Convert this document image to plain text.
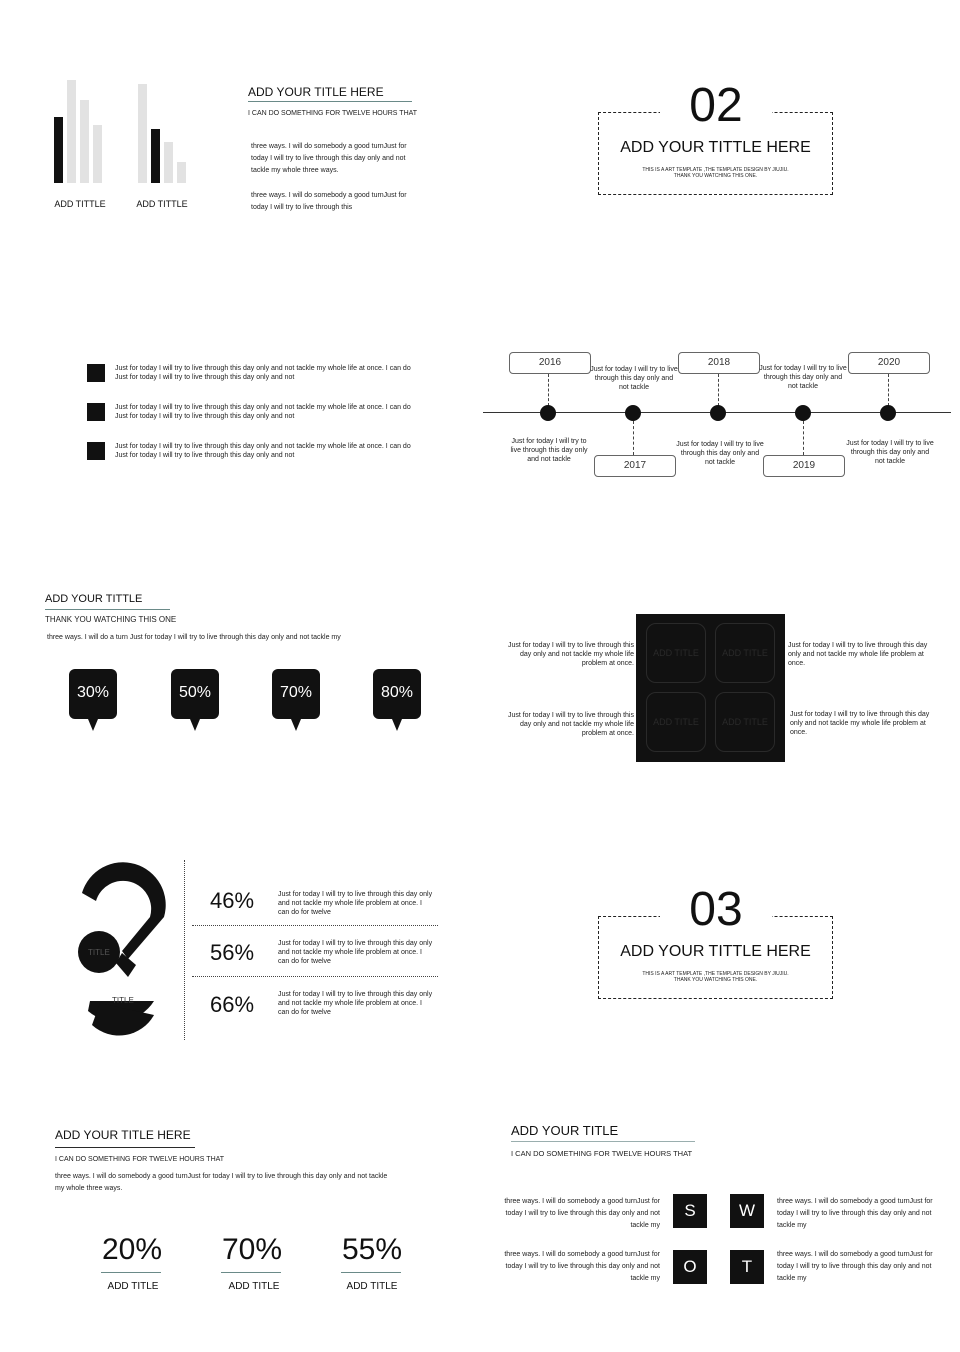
ADD TITTLE	ADD TITTLE
ADD YOUR TITLE HERE
I CAN DO SOMETHING FOR TWELVE HOURS THAT
three ways. I will do somebody a good turnJust for today I will try to live through this day only and not tackle my whole three ways.
three ways. I will do somebody a good turnJust for today I will try to live through this
02
ADD YOUR TITTLE HERE
THIS IS A ART TEMPLATE ,THE TEMPLATE DESIGN BY JIUJIU. THANK YOU WATCHING THIS ONE.
Just for today I will try to live through this day only and not tackle my whole life at once. I can do Just for today I will try to live through this day only and not
Just for today I will try to live through this day only and not tackle my whole life at once. I can do Just for today I will try to live through this day only and not
Just for today I will try to live through this day only and not tackle my whole life at once. I can do Just for today I will try to live through this day only and not
2016
Just for today I will try to live through this day only and not tackle
2017
Just for today I will try to live through this day only and not tackle
2018
Just for today I will try to live through this day only and not tackle	2019
Just for today I will try to live through this day only and not tackle
2020
Just for today I will try to live through this day only and not tackle
ADD YOUR TITTLE
THANK YOU WATCHING THIS ONE
three ways. I will do a turn Just for today I will try to live through this day only and not tackle my
30%	50%	70%	80%
ADD TITLE	ADD TITLE
ADD TITLE	ADD TITLE
Just for today I will try to live through this day only and not tackle my whole life problem at once.
Just for today I will try to live through this day only and not tackle my whole life problem at once.
Just for today I will try to live through this day only and not tackle my whole life problem at once.
Just for today I will try to live through this day only and not tackle my whole life problem at once.
TITLE
TITLE
TITLE
46%	Just for today I will try to live through this day only and not tackle my whole life problem at once. I can do for twelve
56%	Just for today I will try to live through this day only and not tackle my whole life problem at once. I can do for twelve
66%	Just for today I will try to live through this day only and not tackle my whole life problem at once. I can do for twelve
03
ADD YOUR TITTLE HERE
THIS IS A ART TEMPLATE ,THE TEMPLATE DESIGN BY JIUJIU. THANK YOU WATCHING THIS ONE.
ADD YOUR TITLE HERE
I CAN DO SOMETHING FOR TWELVE HOURS THAT
three ways. I will do somebody a good turnJust for today I will try to live through this day only and not tackle my whole three ways.
20%
ADD TITLE
70%
ADD TITLE
55%
ADD TITLE
ADD YOUR TITLE
I CAN DO SOMETHING FOR TWELVE HOURS THAT
S	W
O	T
three ways. I will do somebody a good turnJust for today I will try to live through this day only and not tackle my
three ways. I will do somebody a good turnJust for today I will try to live through this day only and not tackle my
three ways. I will do somebody a good turnJust for today I will try to live through this day only and not tackle my
three ways. I will do somebody a good turnJust for today I will try to live through this day only and not tackle my
